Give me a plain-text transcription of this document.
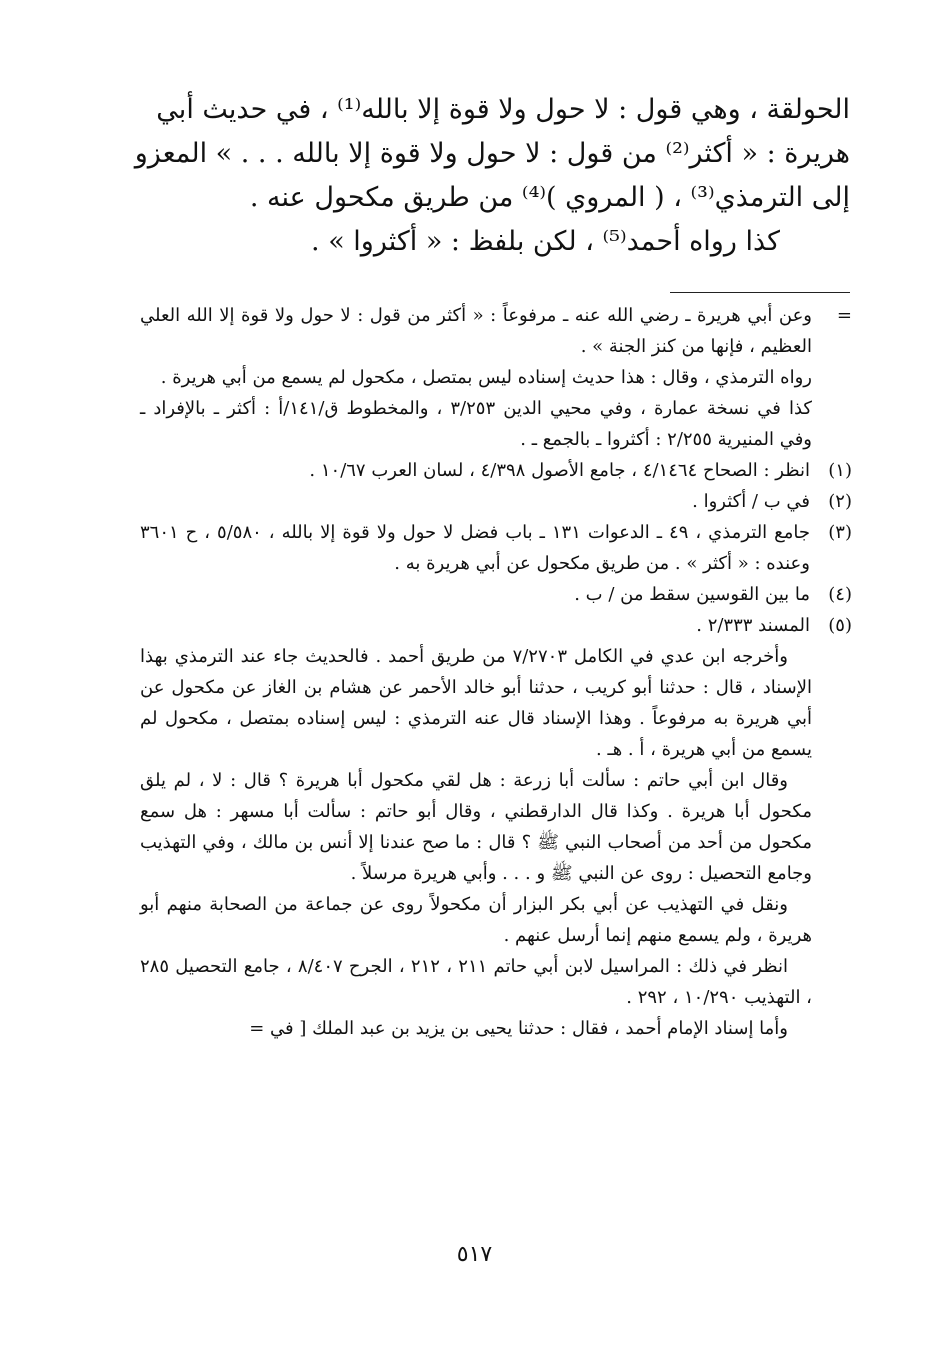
الحولقة ، وهي قول : لا حول ولا قوة إلا بالله⁽¹⁾ ، في حديث أبي

هريرة : « أكثر⁽²⁾ من قول : لا حول ولا قوة إلا بالله . . . » المعزو

إلى الترمذي⁽³⁾ ، ( المروي )⁽⁴⁾ من طريق مكحول عنه .

كذا رواه أحمد⁽⁵⁾ ، لكن بلفظ : « أكثروا » .

=
وعن أبي هريرة ـ رضي الله عنه ـ مرفوعاً : « أكثر من قول : لا حول ولا قوة إلا الله العلي العظيم ، فإنها من كنز الجنة » .

رواه الترمذي ، وقال : هذا حديث إسناده ليس بمتصل ، مكحول لم يسمع من أبي هريرة .

كذا في نسخة عمارة ، وفي محيي الدين ٣/٢٥٣ ، والمخطوط ق/١٤١/أ : أكثر ـ بالإفراد ـ وفي المنيرية ٢/٢٥٥ : أكثروا ـ بالجمع ـ .

(١)
انظر : الصحاح ٤/١٤٦٤ ، جامع الأصول ٤/٣٩٨ ، لسان العرب ١٠/٦٧ .
(٢)
في ب / أكثروا .
(٣)
جامع الترمذي ، ٤٩ ـ الدعوات ١٣١ ـ باب فضل لا حول ولا قوة إلا بالله ، ٥/٥٨٠ ، ح ٣٦٠١ وعنده : « أكثر » . من طريق مكحول عن أبي هريرة به .
(٤)
ما بين القوسين سقط من / ب .
(٥)
المسند ٢/٣٣٣ .

وأخرجه ابن عدي في الكامل ٧/٢٧٠٣ من طريق أحمد . فالحديث جاء عند الترمذي بهذا الإسناد ، قال : حدثنا أبو كريب ، حدثنا أبو خالد الأحمر عن هشام بن الغاز عن مكحول عن أبي هريرة به مرفوعاً . وهذا الإسناد قال عنه الترمذي : ليس إسناده بمتصل ، مكحول لم يسمع من أبي هريرة ، أ . هـ .

وقال ابن أبي حاتم : سألت أبا زرعة : هل لقي مكحول أبا هريرة ؟ قال : لا ، لم يلق مكحول أبا هريرة . وكذا قال الدارقطني ، وقال أبو حاتم : سألت أبا مسهر : هل سمع مكحول من أحد من أصحاب النبي ﷺ ؟ قال : ما صح عندنا إلا أنس بن مالك ، وفي التهذيب وجامع التحصيل : روى عن النبي ﷺ و . . . وأبي هريرة مرسلاً .

ونقل في التهذيب عن أبي بكر البزار أن مكحولاً روى عن جماعة من الصحابة منهم أبو هريرة ، ولم يسمع منهم إنما أرسل عنهم .

انظر في ذلك : المراسيل لابن أبي حاتم ٢١١ ، ٢١٢ ، الجرح ٨/٤٠٧ ، جامع التحصيل ٢٨٥ ، التهذيب ١٠/٢٩٠ ، ٢٩٢ .

وأما إسناد الإمام أحمد ، فقال : حدثنا يحيى بن يزيد بن عبد الملك [ في =

٥١٧
